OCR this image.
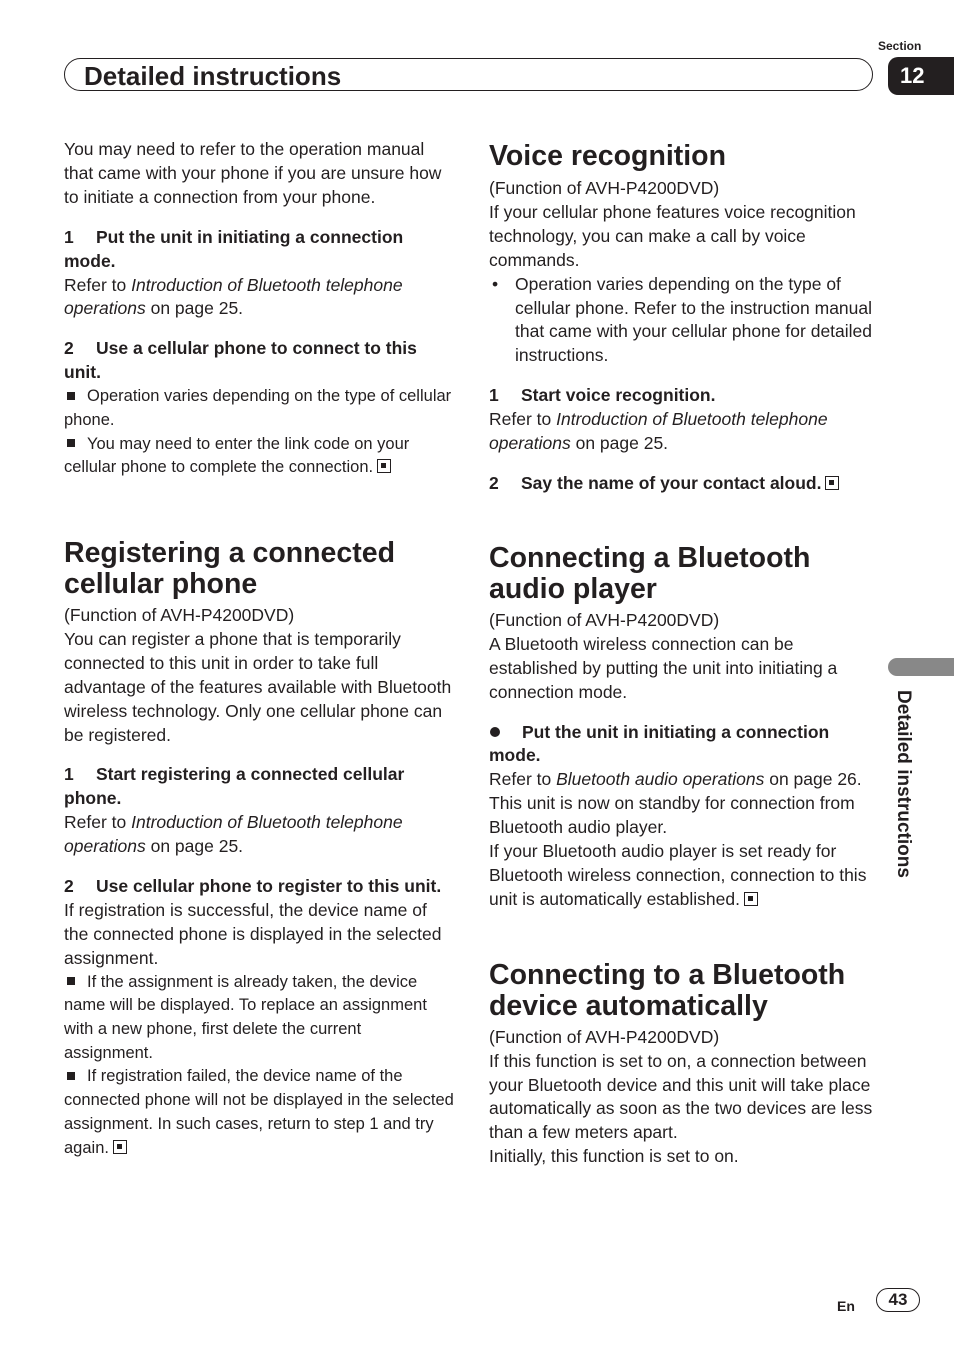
Section
Detailed instructions	12
Detailed instructions

You may need to refer to the operation manual that came with your phone if you are unsure how to initiate a connection from your phone.

1 Put the unit in initiating a connection mode.

Refer to Introduction of Bluetooth telephone operations on page 25.

2 Use a cellular phone to connect to this unit.

Operation varies depending on the type of cellular phone.

You may need to enter the link code on your cellular phone to complete the connection.

Registering a connected cellular phone

(Function of AVH-P4200DVD)

You can register a phone that is temporarily connected to this unit in order to take full advantage of the features available with Bluetooth wireless technology. Only one cellular phone can be registered.

1 Start registering a connected cellular phone.

Refer to Introduction of Bluetooth telephone operations on page 25.

2 Use cellular phone to register to this unit.

If registration is successful, the device name of the connected phone is displayed in the selected assignment.

If the assignment is already taken, the device name will be displayed. To replace an assignment with a new phone, first delete the current assignment.

If registration failed, the device name of the connected phone will not be displayed in the selected assignment. In such cases, return to step 1 and try again.

Voice recognition

(Function of AVH-P4200DVD)

If your cellular phone features voice recognition technology, you can make a call by voice commands.

• Operation varies depending on the type of cellular phone. Refer to the instruction manual that came with your cellular phone for detailed instructions.

1 Start voice recognition.

Refer to Introduction of Bluetooth telephone operations on page 25.

2 Say the name of your contact aloud.
Connecting a Bluetooth audio player

(Function of AVH-P4200DVD)

A Bluetooth wireless connection can be established by putting the unit into initiating a connection mode.

Put the unit in initiating a connection mode.

Refer to Bluetooth audio operations on page 26.

This unit is now on standby for connection from Bluetooth audio player.

If your Bluetooth audio player is set ready for Bluetooth wireless connection, connection to this unit is automatically established.

Connecting to a Bluetooth device automatically

(Function of AVH-P4200DVD)

If this function is set to on, a connection between your Bluetooth device and this unit will take place automatically as soon as the two devices are less than a few meters apart.

Initially, this function is set to on.

En	43
